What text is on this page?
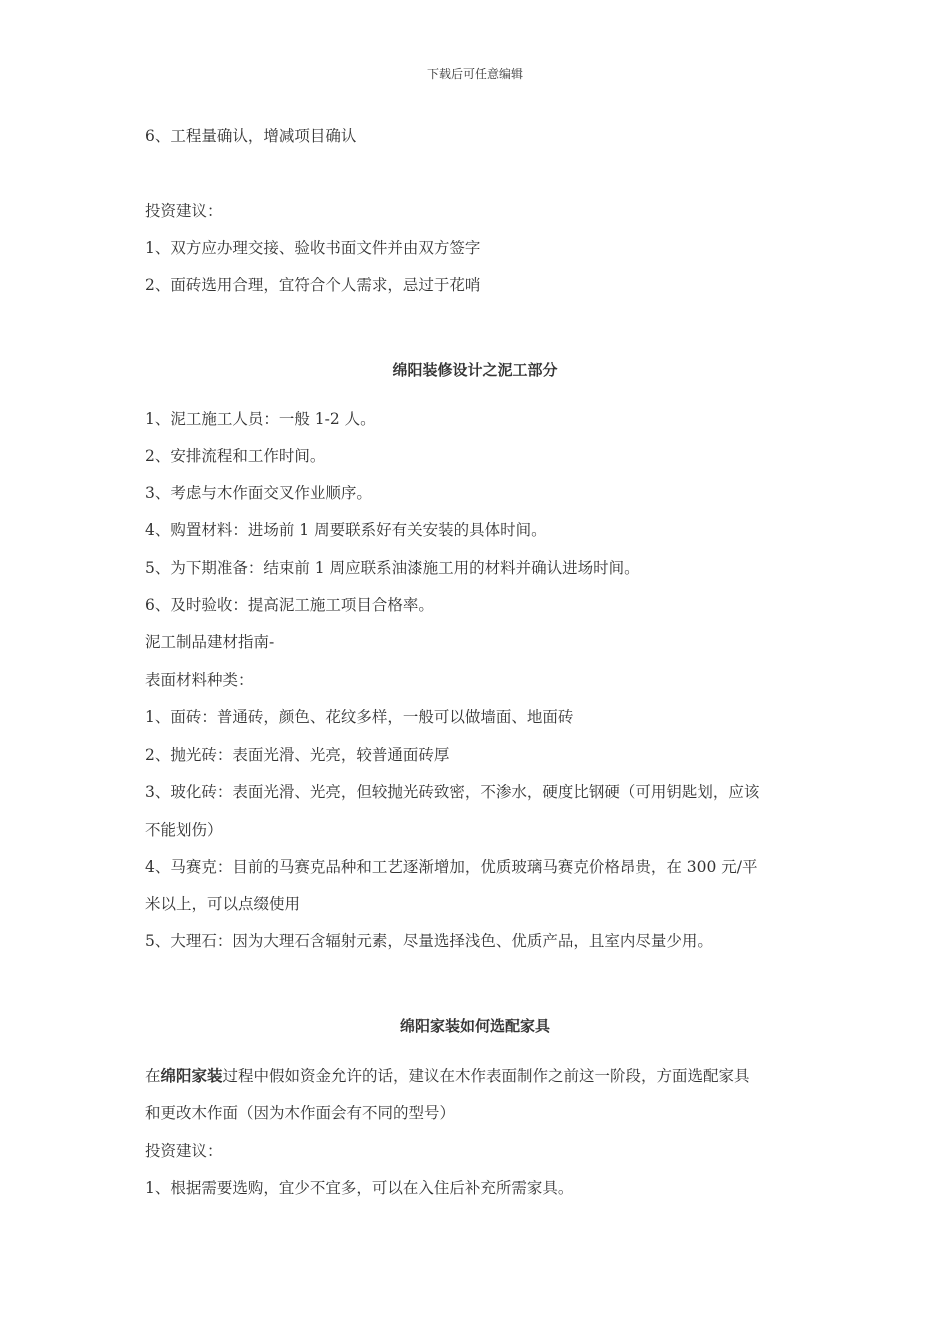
下载后可任意编辑
6、工程量确认，增减项目确认
投资建议：
1、双方应办理交接、验收书面文件并由双方签字
2、面砖选用合理，宜符合个人需求，忌过于花哨
绵阳装修设计之泥工部分
1、泥工施工人员：一般 1-2 人。
2、安排流程和工作时间。
3、考虑与木作面交叉作业顺序。
4、购置材料：进场前 1 周要联系好有关安装的具体时间。
5、为下期准备：结束前 1 周应联系油漆施工用的材料并确认进场时间。
6、及时验收：提高泥工施工项目合格率。
泥工制品建材指南-
表面材料种类：
1、面砖：普通砖，颜色、花纹多样，一般可以做墙面、地面砖
2、抛光砖：表面光滑、光亮，较普通面砖厚
3、玻化砖：表面光滑、光亮，但较抛光砖致密，不渗水，硬度比钢硬（可用钥匙划，应该
不能划伤）
4、马赛克：目前的马赛克品种和工艺逐渐增加，优质玻璃马赛克价格昂贵，在 300 元/平
米以上，可以点缀使用
5、大理石：因为大理石含辐射元素，尽量选择浅色、优质产品，且室内尽量少用。
绵阳家装如何选配家具
在绵阳家装过程中假如资金允许的话，建议在木作表面制作之前这一阶段，方面选配家具
和更改木作面（因为木作面会有不同的型号）
投资建议：
1、根据需要选购，宜少不宜多，可以在入住后补充所需家具。
